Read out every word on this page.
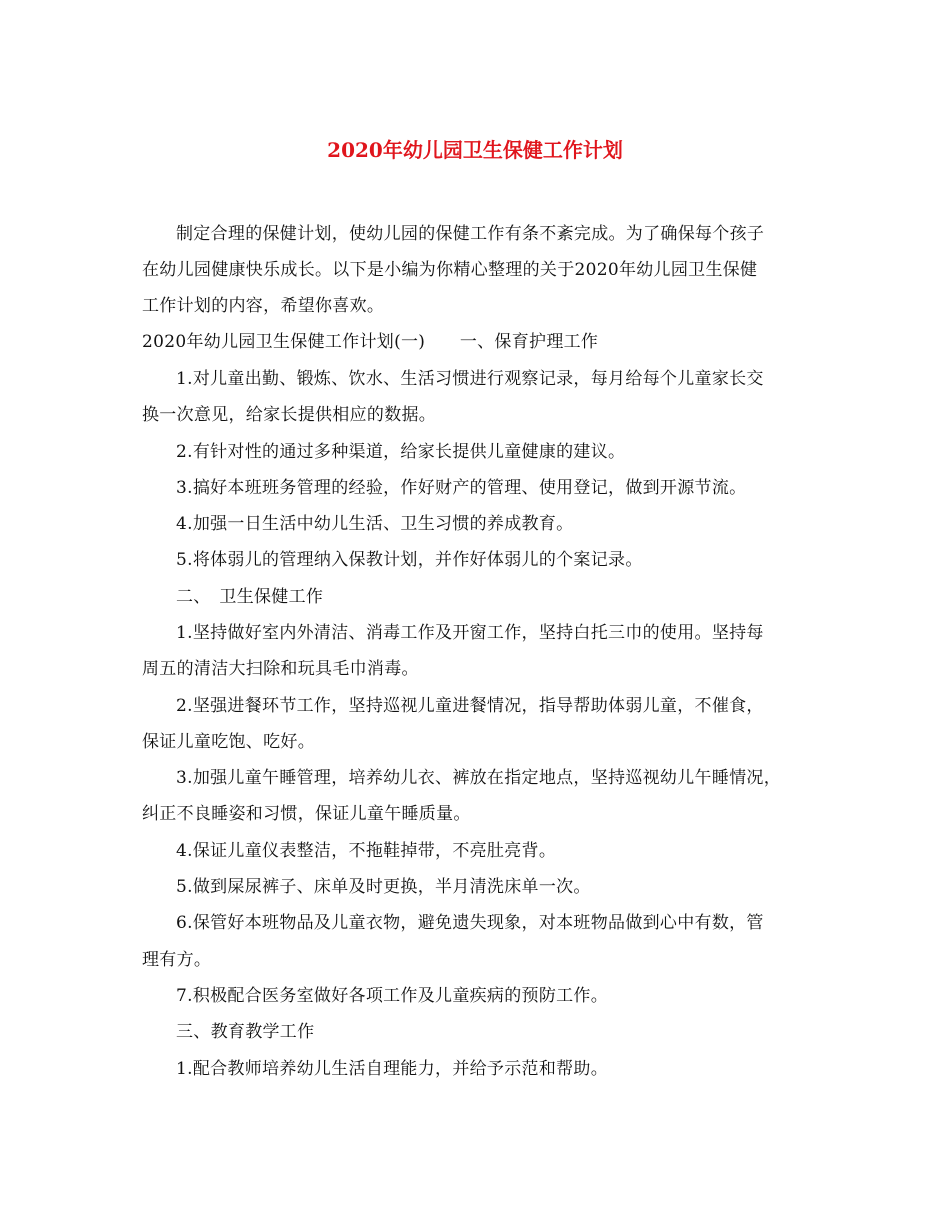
2020年幼儿园卫生保健工作计划
制定合理的保健计划，使幼儿园的保健工作有条不紊完成。为了确保每个孩子
在幼儿园健康快乐成长。以下是小编为你精心整理的关于2020年幼儿园卫生保健
工作计划的内容，希望你喜欢。
2020年幼儿园卫生保健工作计划(一)　　一、保育护理工作
1.对儿童出勤、锻炼、饮水、生活习惯进行观察记录，每月给每个儿童家长交
换一次意见，给家长提供相应的数据。
2.有针对性的通过多种渠道，给家长提供儿童健康的建议。
3.搞好本班班务管理的经验，作好财产的管理、使用登记，做到开源节流。
4.加强一日生活中幼儿生活、卫生习惯的养成教育。
5.将体弱儿的管理纳入保教计划，并作好体弱儿的个案记录。
二、　卫生保健工作
1.坚持做好室内外清洁、消毒工作及开窗工作，坚持白托三巾的使用。坚持每
周五的清洁大扫除和玩具毛巾消毒。
2.坚强进餐环节工作，坚持巡视儿童进餐情况，指导帮助体弱儿童，不催食，
保证儿童吃饱、吃好。
3.加强儿童午睡管理，培养幼儿衣、裤放在指定地点，坚持巡视幼儿午睡情况，
纠正不良睡姿和习惯，保证儿童午睡质量。
4.保证儿童仪表整洁，不拖鞋掉带，不亮肚亮背。
5.做到屎尿裤子、床单及时更换，半月清洗床单一次。
6.保管好本班物品及儿童衣物，避免遗失现象，对本班物品做到心中有数，管
理有方。
7.积极配合医务室做好各项工作及儿童疾病的预防工作。
三、教育教学工作
1.配合教师培养幼儿生活自理能力，并给予示范和帮助。
